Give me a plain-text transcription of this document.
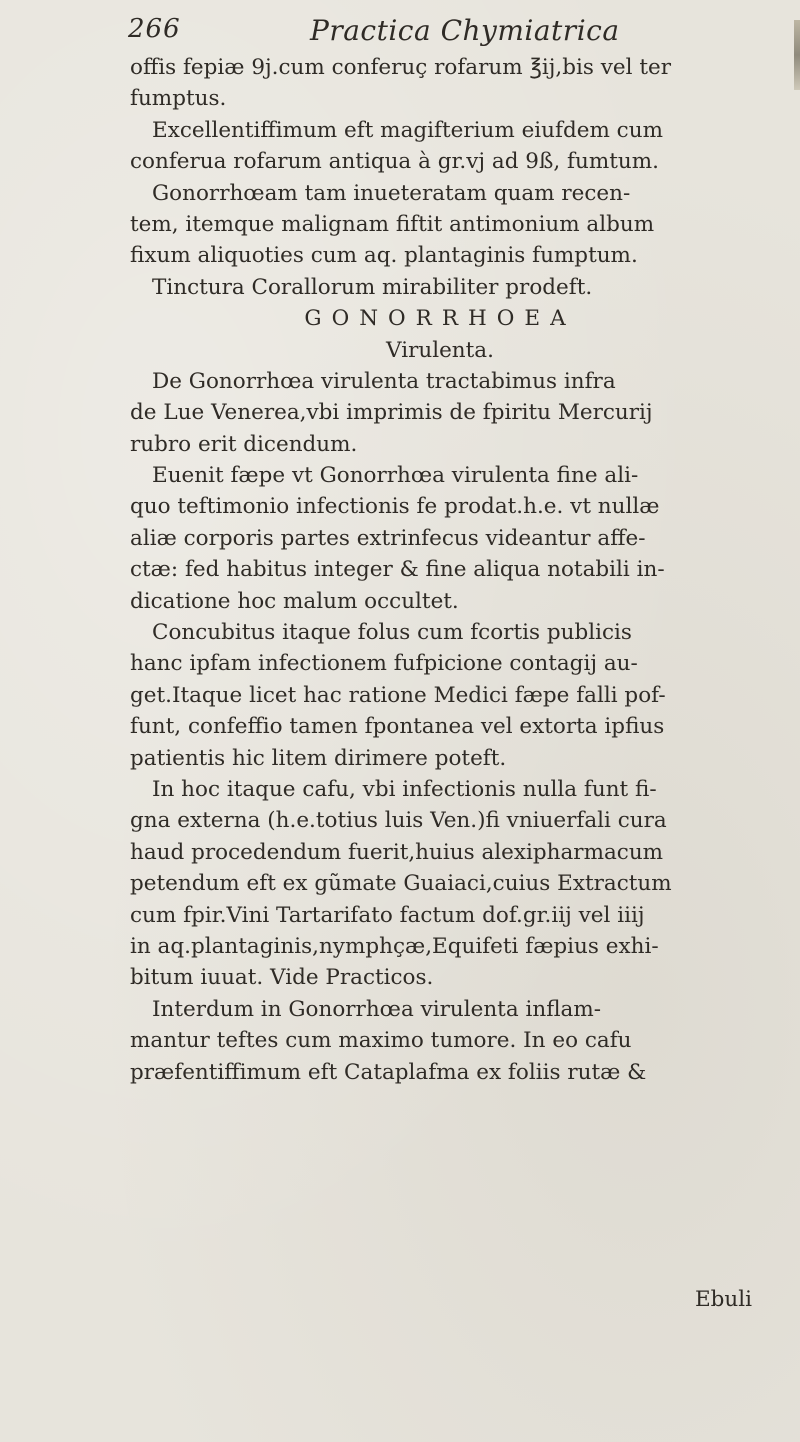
266	Practica Chymiatrica
offis fepiæ 9j.cum conferuç rofarum ℥ij,bis vel ter
fumptus.
Excellentiffimum eft magifterium eiufdem cum
conferua rofarum antiqua à gr.vj ad 9ß, fumtum.
Gonorrhœam tam inueteratam quam recen-
tem, itemque malignam fiftit antimonium album
fixum aliquoties cum aq. plantaginis fumptum.
Tinctura Corallorum mirabiliter prodeft.
GONORRHOEA
Virulenta.
De Gonorrhœa virulenta tractabimus infra
de Lue Venerea,vbi imprimis de fpiritu Mercurij
rubro erit dicendum.
Euenit fæpe vt Gonorrhœa virulenta fine ali-
quo teftimonio infectionis fe prodat.h.e. vt nullæ
aliæ corporis partes extrinfecus videantur affe-
ctæ: fed habitus integer & fine aliqua notabili in-
dicatione hoc malum occultet.
Concubitus itaque folus cum fcortis publicis
hanc ipfam infectionem fufpicione contagij au-
get.Itaque licet hac ratione Medici fæpe falli pof-
funt, confeffio tamen fpontanea vel extorta ipfius
patientis hic litem dirimere poteft.
In hoc itaque cafu, vbi infectionis nulla funt fi-
gna externa (h.e.totius luis Ven.)fi vniuerfali cura
haud procedendum fuerit,huius alexipharmacum
petendum eft ex gũmate Guaiaci,cuius Extractum
cum fpir.Vini Tartarifato factum dof.gr.iij vel iiij
in aq.plantaginis,nymphçæ,Equifeti fæpius exhi-
bitum iuuat. Vide Practicos.
Interdum in Gonorrhœa virulenta inflam-
mantur teftes cum maximo tumore. In eo cafu
præfentiffimum eft Cataplafma ex foliis rutæ &
Ebuli
